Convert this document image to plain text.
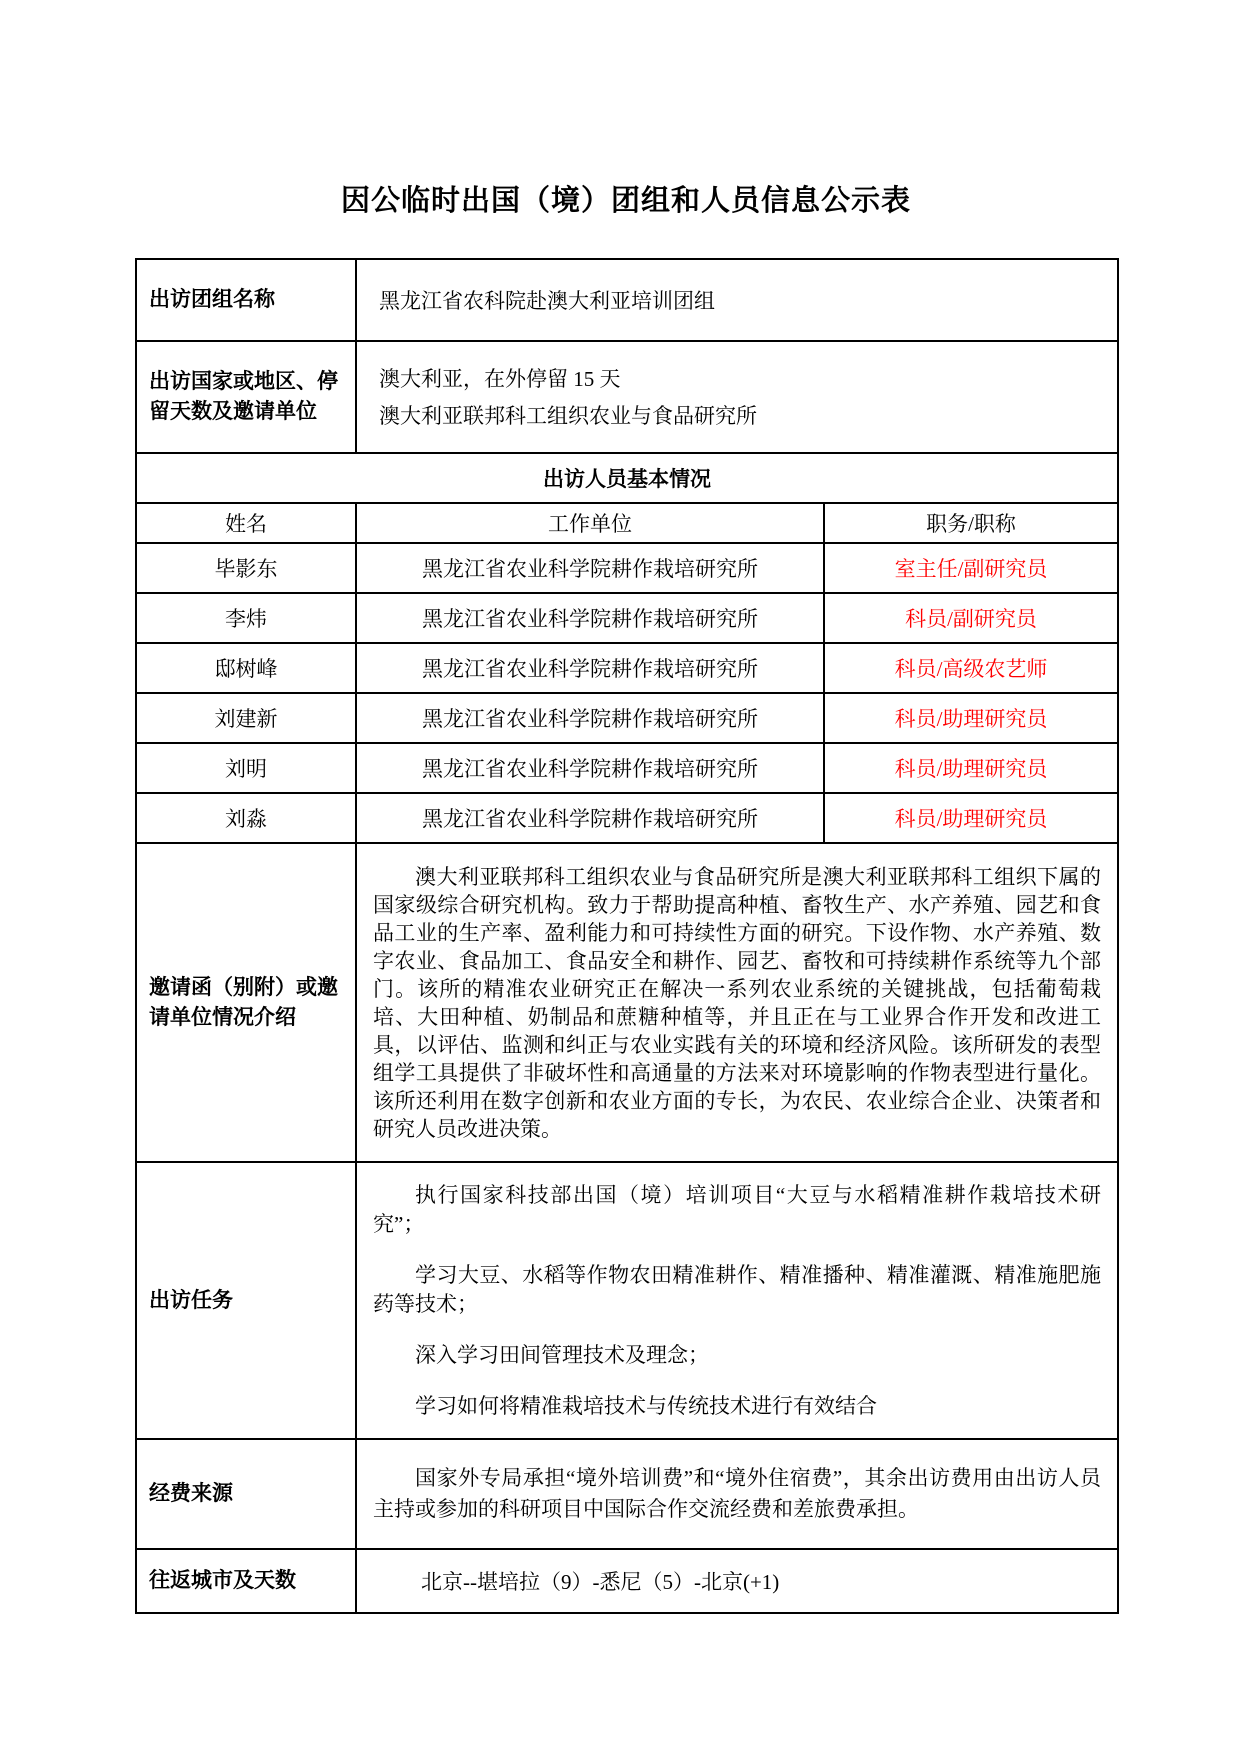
因公临时出国（境）团组和人员信息公示表
出访团组名称	黑龙江省农科院赴澳大利亚培训团组	
出访国家或地区、停留天数及邀请单位	澳大利亚，在外停留 15 天

澳大利亚联邦科工组织农业与食品研究所	

出访人员基本情况		
姓名	工作单位	职务/职称
毕影东	黑龙江省农业科学院耕作栽培研究所	室主任/副研究员
李炜	黑龙江省农业科学院耕作栽培研究所	科员/副研究员
邸树峰	黑龙江省农业科学院耕作栽培研究所	科员/高级农艺师
刘建新	黑龙江省农业科学院耕作栽培研究所	科员/助理研究员
刘明	黑龙江省农业科学院耕作栽培研究所	科员/助理研究员
刘淼	黑龙江省农业科学院耕作栽培研究所	科员/助理研究员
邀请函（别附）或邀请单位情况介绍	澳大利亚联邦科工组织农业与食品研究所是澳大利亚联邦科工组织下属的国家级综合研究机构。致力于帮助提高种植、畜牧生产、水产养殖、园艺和食品工业的生产率、盈利能力和可持续性方面的研究。下设作物、水产养殖、数字农业、食品加工、食品安全和耕作、园艺、畜牧和可持续耕作系统等九个部门。该所的精准农业研究正在解决一系列农业系统的关键挑战，包括葡萄栽培、大田种植、奶制品和蔗糖种植等，并且正在与工业界合作开发和改进工具，以评估、监测和纠正与农业实践有关的环境和经济风险。该所研发的表型组学工具提供了非破坏性和高通量的方法来对环境影响的作物表型进行量化。该所还利用在数字创新和农业方面的专长，为农民、农业综合企业、决策者和研究人员改进决策。	

出访任务	执行国家科技部出国（境）培训项目“大豆与水稻精准耕作栽培技术研究”；

学习大豆、水稻等作物农田精准耕作、精准播种、精准灌溉、精准施肥施药等技术；

深入学习田间管理技术及理念；

学习如何将精准栽培技术与传统技术进行有效结合	

经费来源	国家外专局承担“境外培训费”和“境外住宿费”，其余出访费用由出访人员主持或参加的科研项目中国际合作交流经费和差旅费承担。	

往返城市及天数	北京--堪培拉（9）-悉尼（5）-北京(+1)	
